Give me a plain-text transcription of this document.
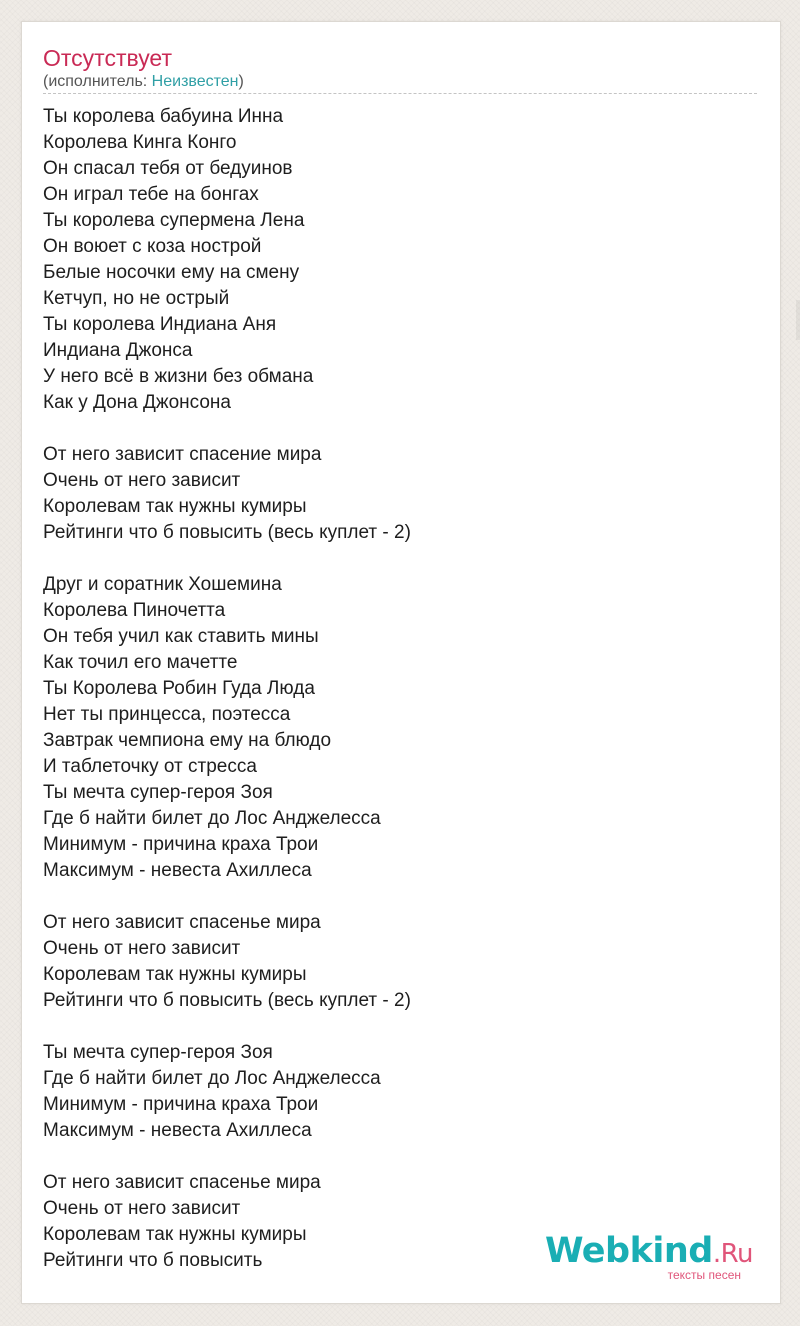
Отсутствует
(исполнитель: Неизвестен)
Ты королева бабуина Инна
Королева Кинга Конго
Он спасал тебя от бедуинов
Он играл тебе на бонгах
Ты королева супермена Лена
Он воюет с коза нострой
Белые носочки ему на смену
Кетчуп, но не острый
Ты королева Индиана Аня
Индиана Джонса
У него всё в жизни без обмана
Как у Дона Джонсона
От него зависит спасение мира
Очень от него зависит
Королевам так нужны кумиры
Рейтинги что б повысить (весь куплет - 2)
Друг и соратник Хошемина
Королева Пиночетта
Он тебя учил как ставить мины
Как точил его мачетте
Ты Королева Робин Гуда Люда
Нет ты принцесса, поэтесса
Завтрак чемпиона ему на блюдо
И таблеточку от стресса
Ты мечта супер-героя Зоя
Где б найти билет до Лос Анджелесса
Минимум - причина краха Трои
Максимум - невеста Ахиллеса
От него зависит спасенье мира
Очень от него зависит
Королевам так нужны кумиры
Рейтинги что б повысить (весь куплет - 2)
Ты мечта супер-героя Зоя
Где б найти билет до Лос Анджелесса
Минимум - причина краха Трои
Максимум - невеста Ахиллеса
От него зависит спасенье мира
Очень от него зависит
Королевам так нужны кумиры
Рейтинги что б повысить	Webkind.Ru
тексты песен
